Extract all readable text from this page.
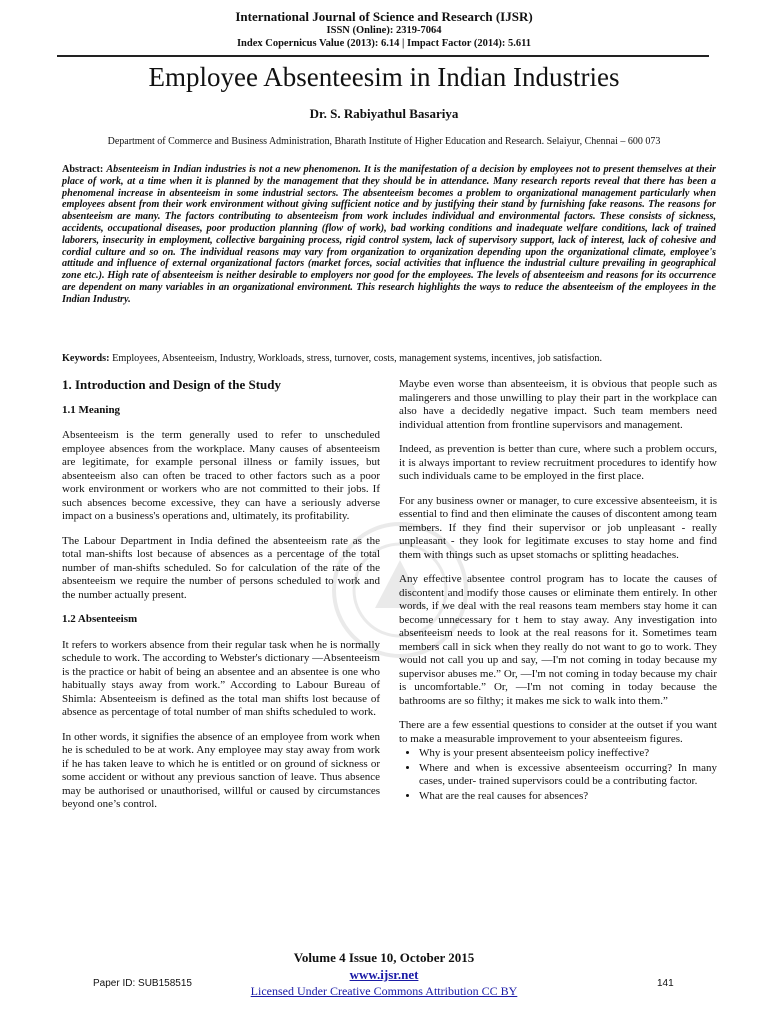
International Journal of Science and Research (IJSR)
ISSN (Online): 2319-7064
Index Copernicus Value (2013): 6.14 | Impact Factor (2014): 5.611
Employee Absenteesim in Indian Industries
Dr. S. Rabiyathul Basariya
Department of Commerce and Business Administration, Bharath Institute of Higher Education and Research. Selaiyur, Chennai – 600 073
Abstract: Absenteeism in Indian industries is not a new phenomenon. It is the manifestation of a decision by employees not to present themselves at their place of work, at a time when it is planned by the management that they should be in attendance. Many research reports reveal that there has been a phenomenal increase in absenteeism in some industrial sectors. The absenteeism becomes a problem to organizational management particularly when employees absent from their work environment without giving sufficient notice and by justifying their stand by furnishing fake reasons. The reasons for absenteeism are many. The factors contributing to absenteeism from work includes individual and environmental factors. These consists of sickness, accidents, occupational diseases, poor production planning (flow of work), bad working conditions and inadequate welfare conditions, lack of trained laborers, insecurity in employment, collective bargaining process, rigid control system, lack of supervisory support, lack of interest, lack of cohesive and cordial culture and so on. The individual reasons may vary from organization to organization depending upon the organizational climate, employee's attitude and influence of external organizational factors (market forces, social activities that influence the industrial culture prevailing in geographical zone etc.). High rate of absenteeism is neither desirable to employers nor good for the employees. The levels of absenteeism and reasons for its occurrence are dependent on many variables in an organizational environment. This research highlights the ways to reduce the absenteeism of the employees in the Indian Industry.
Keywords: Employees, Absenteeism, Industry, Workloads, stress, turnover, costs, management systems, incentives, job satisfaction.
1. Introduction and Design of the Study
1.1 Meaning

Absenteeism is the term generally used to refer to unscheduled employee absences from the workplace. Many causes of absenteeism are legitimate, for example personal illness or family issues, but absenteeism also can often be traced to other factors such as a poor work environment or workers who are not committed to their jobs. If such absences become excessive, they can have a seriously adverse impact on a business's operations and, ultimately, its profitability.

The Labour Department in India defined the absenteeism rate as the total man-shifts lost because of absences as a percentage of the total number of man-shifts scheduled. So for calculation of the rate of the absenteeism we require the number of persons scheduled to work and the number actually present.

1.2 Absenteeism

It refers to workers absence from their regular task when he is normally schedule to work. The according to Webster's dictionary ―Absenteeism is the practice or habit of being an absentee and an absentee is one who habitually stays away from work.” According to Labour Bureau of Shimla: Absenteeism is defined as the total man shifts lost because of absence as percentage of total number of man shifts scheduled to work.

In other words, it signifies the absence of an employee from work when he is scheduled to be at work. Any employee may stay away from work if he has taken leave to which he is entitled or on ground of sickness or some accident or without any previous sanction of leave. Thus absence may be authorised or unauthorised, willful or caused by circumstances beyond one’s control.

Maybe even worse than absenteeism, it is obvious that people such as malingerers and those unwilling to play their part in the workplace can also have a decidedly negative impact. Such team members need individual attention from frontline supervisors and management.

Indeed, as prevention is better than cure, where such a problem occurs, it is always important to review recruitment procedures to identify how such individuals came to be employed in the first place.

For any business owner or manager, to cure excessive absenteeism, it is essential to find and then eliminate the causes of discontent among team members. If they find their supervisor or job unpleasant - really unpleasant - they look for legitimate excuses to stay home and find them with things such as upset stomachs or splitting headaches.

Any effective absentee control program has to locate the causes of discontent and modify those causes or eliminate them entirely. In other words, if we deal with the real reasons team members stay home it can become unnecessary for t hem to stay away. Any investigation into absenteeism needs to look at the real reasons for it. Sometimes team members call in sick when they really do not want to go to work. They would not call you up and say, ―I'm not coming in today because my supervisor abuses me.” Or, ―I'm not coming in today because my chair is uncomfortable.” Or, ―I'm not coming in today because the bathrooms are so filthy; it makes me sick to walk into them.”

There are a few essential questions to consider at the outset if you want to make a measurable improvement to your absenteeism figures.

• Why is your present absenteeism policy ineffective?
• Where and when is excessive absenteeism occurring? In many cases, under- trained supervisors could be a contributing factor.
• What are the real causes for absences?
Volume 4 Issue 10, October 2015
www.ijsr.net
Licensed Under Creative Commons Attribution CC BY
Paper ID: SUB158515	141
